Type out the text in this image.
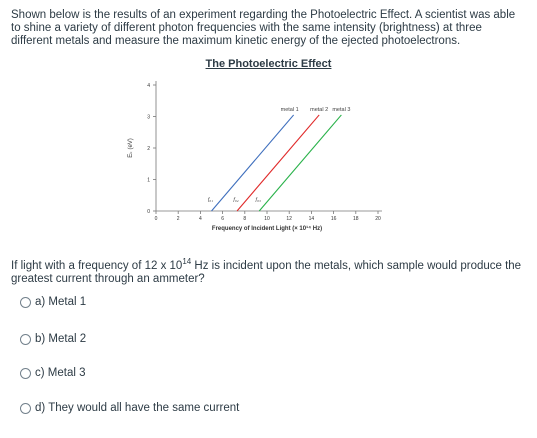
Shown below is the results of an experiment regarding the Photoelectric Effect. A scientist was able to shine a variety of different photon frequencies with the same intensity (brightness) at three different metals and measure the maximum kinetic energy of the ejected photoelectrons.

The Photoelectric Effect

0
1
2
3
4
0	2	4	6	8	10	12	14	16	18	20
Frequency of Incident Light (× 10¹⁴ Hz)
Eₖ (eV)
metal 1
f₀₁
metal 2
f₀₂
metal 3
f₀₃

If light with a frequency of 12 x $10^{14}$ Hz is incident upon the metals, which sample would produce the greatest current through an ammeter?

a) Metal 1
b) Metal 2
c) Metal 3
d) They would all have the same current
